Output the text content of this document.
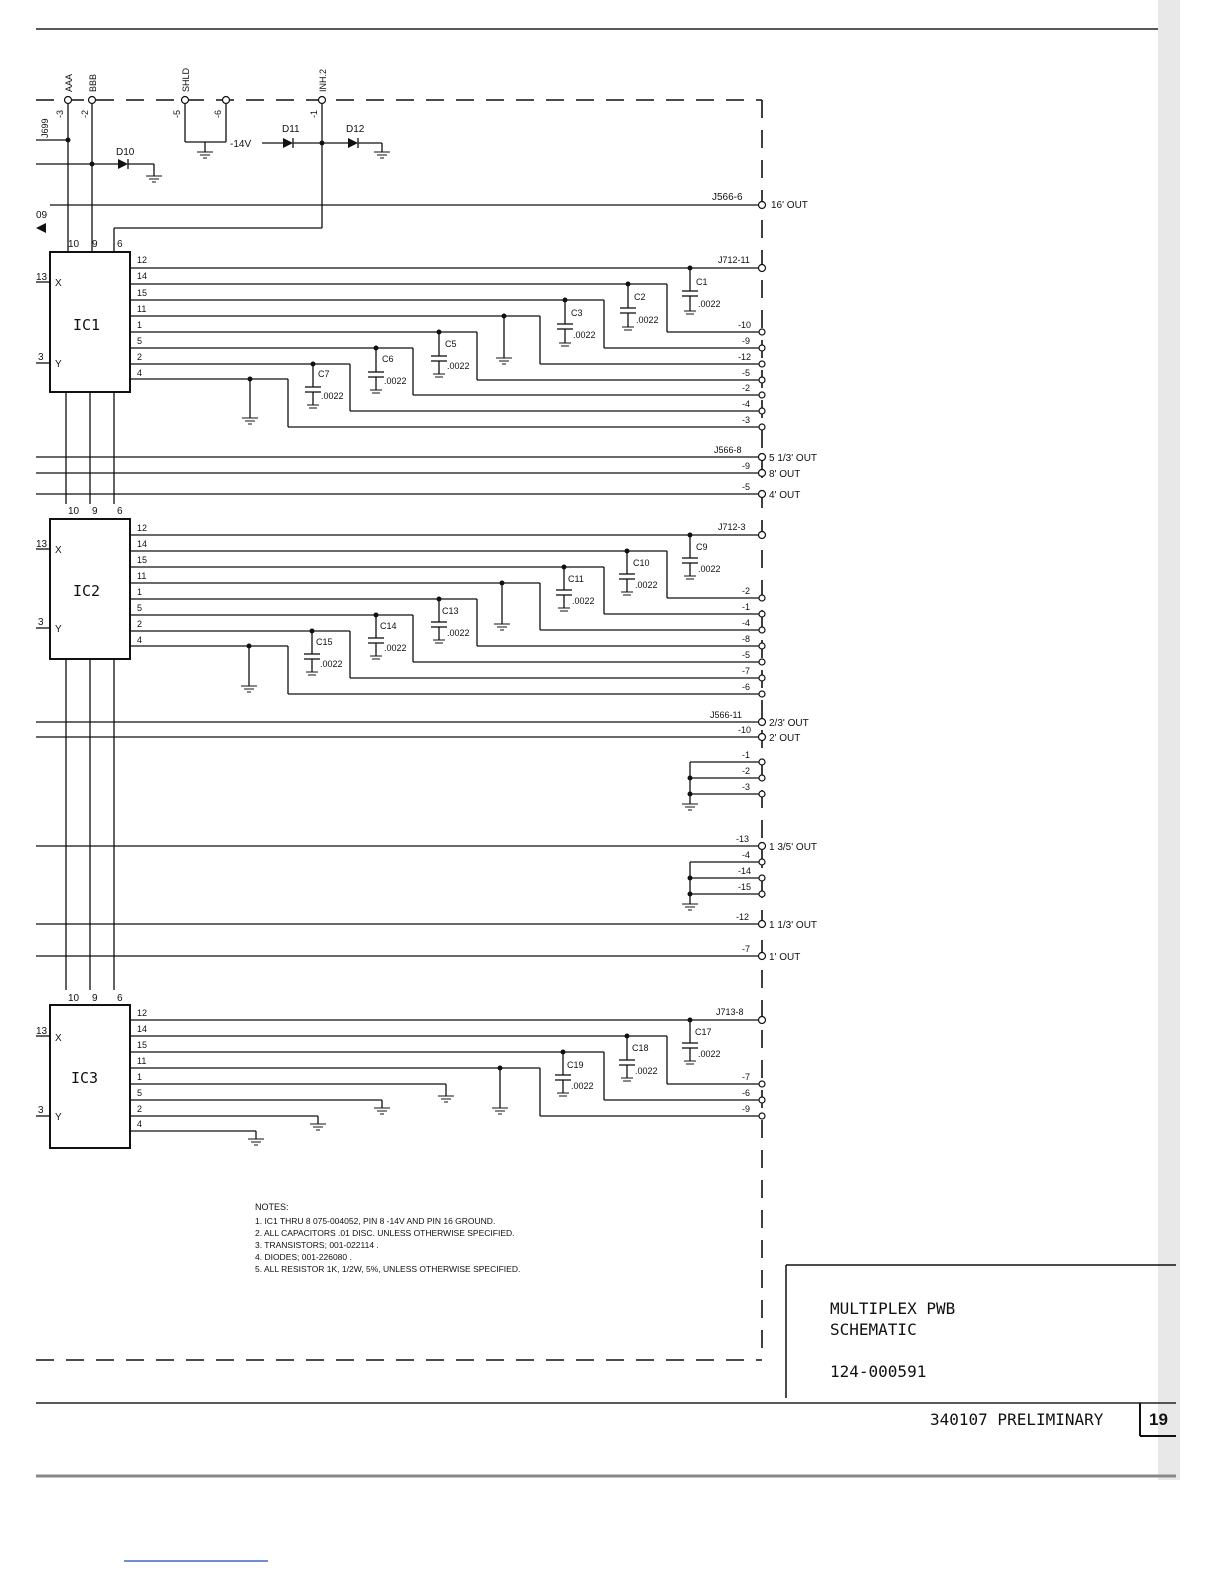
-3 -2	-5	-6	-1
AAA BBB	SHLD	INH.2
J699
-14V
D10
D11	D12
09
J566-6
16' OUT
IC1
10 9 6
X
Y
13
3
12
14
15
11
1
5
2
4
C1
.0022
C2
.0022
C3
.0022
C5
.0022
C6
.0022
C7
.0022
J712-11
-10
-9
-12
-5
-2
-4
-3
J566-8
5 1/3' OUT
-9
8' OUT
-5
4' OUT
IC2
10 9 6
X
Y
13
3
12
14
15
11
1
5
2
4
C9
.0022
C10
.0022
C11
.0022
C13
.0022
C14
.0022
C15
.0022
J712-3
-2
-1
-4
-8
-5
-7
-6
J566-11
2/3' OUT
-10
2' OUT
-1
-2
-3
-13
1 3/5' OUT
-4
-14
-15
-12
1 1/3' OUT
-7
1' OUT
IC3
10 9 6
X
Y
13
3
12
14
15
11
1
5
2
4
C17
.0022
C18
.0022
C19
.0022
J713-8
-7
-6
-9
NOTES:
1. IC1 THRU 8 075-004052, PIN 8 -14V AND PIN 16 GROUND.
2. ALL CAPACITORS .01 DISC. UNLESS OTHERWISE SPECIFIED.
3. TRANSISTORS; 001-022114 .
4. DIODES; 001-226080 .
5. ALL RESISTOR 1K, 1/2W, 5%, UNLESS OTHERWISE SPECIFIED.
MULTIPLEX PWB
SCHEMATIC
124-000591
340107 PRELIMINARY	19
